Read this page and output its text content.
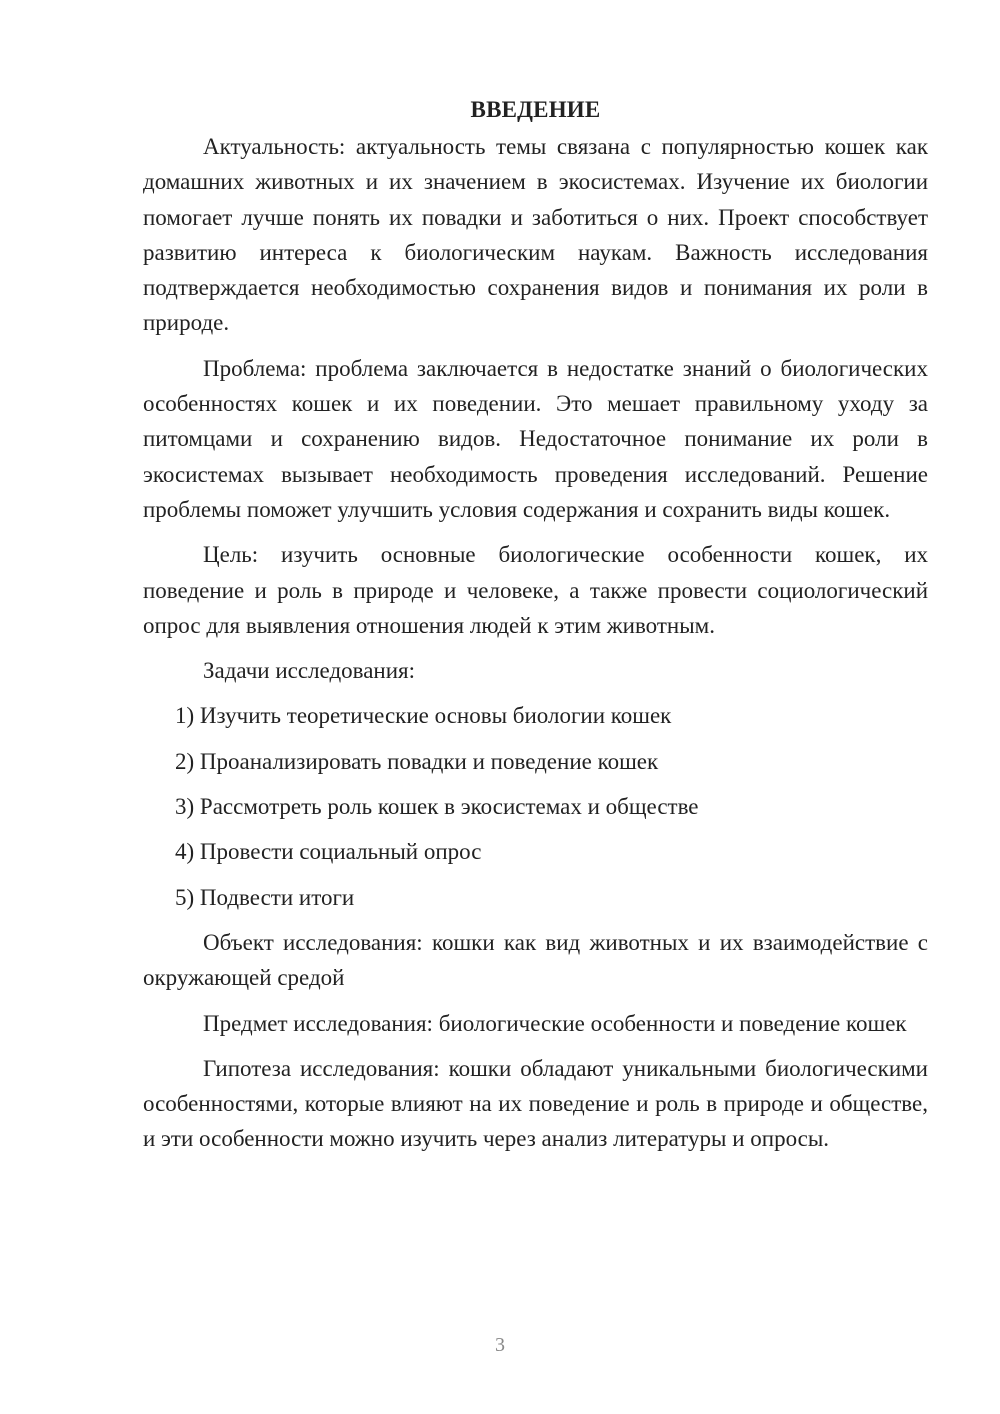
ВВЕДЕНИЕ

Актуальность: актуальность темы связана с популярностью кошек как домашних животных и их значением в экосистемах. Изучение их биологии помогает лучше понять их повадки и заботиться о них. Проект способствует развитию интереса к биологическим наукам. Важность исследования подтверждается необходимостью сохранения видов и понимания их роли в природе.

Проблема: проблема заключается в недостатке знаний о биологических особенностях кошек и их поведении. Это мешает правильному уходу за питомцами и сохранению видов. Недостаточное понимание их роли в экосистемах вызывает необходимость проведения исследований. Решение проблемы поможет улучшить условия содержания и сохранить виды кошек.

Цель: изучить основные биологические особенности кошек, их поведение и роль в природе и человеке, а также провести социологический опрос для выявления отношения людей к этим животным.

Задачи исследования:

1) Изучить теоретические основы биологии кошек
2) Проанализировать повадки и поведение кошек
3) Рассмотреть роль кошек в экосистемах и обществе
4) Провести социальный опрос
5) Подвести итоги

Объект исследования: кошки как вид животных и их взаимодействие с окружающей средой

Предмет исследования: биологические особенности и поведение кошек

Гипотеза исследования: кошки обладают уникальными биологическими особенностями, которые влияют на их поведение и роль в природе и обществе, и эти особенности можно изучить через анализ литературы и опросы.

3
